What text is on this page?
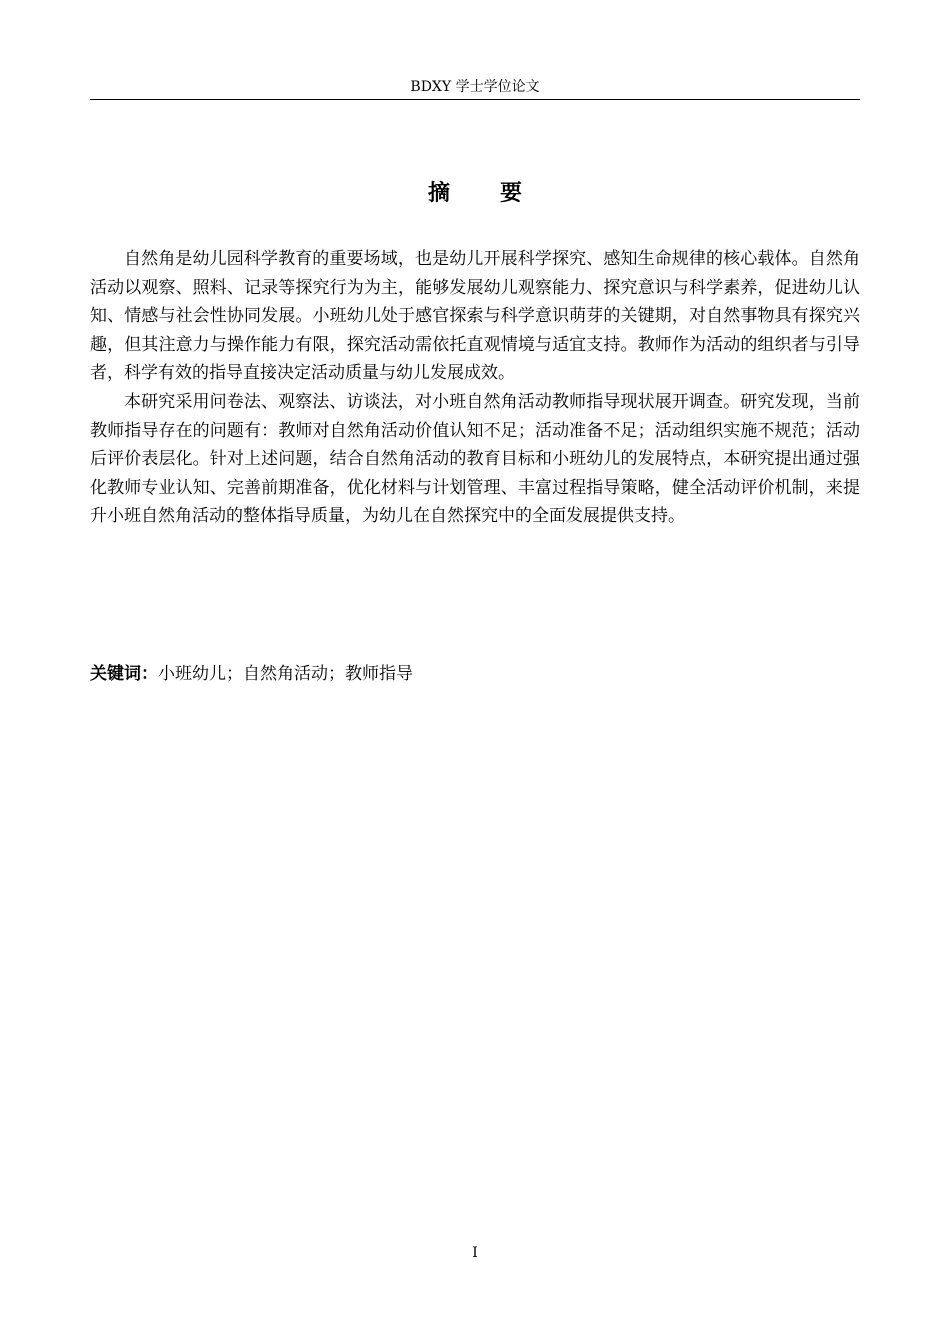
BDXY 学士学位论文
摘 要

自然角是幼儿园科学教育的重要场域，也是幼儿开展科学探究、感知生命规律的核心载体。自然角活动以观察、照料、记录等探究行为为主，能够发展幼儿观察能力、探究意识与科学素养，促进幼儿认知、情感与社会性协同发展。小班幼儿处于感官探索与科学意识萌芽的关键期，对自然事物具有探究兴趣，但其注意力与操作能力有限，探究活动需依托直观情境与适宜支持。教师作为活动的组织者与引导者，科学有效的指导直接决定活动质量与幼儿发展成效。

本研究采用问卷法、观察法、访谈法，对小班自然角活动教师指导现状展开调查。研究发现，当前教师指导存在的问题有：教师对自然角活动价值认知不足；活动准备不足；活动组织实施不规范；活动后评价表层化。针对上述问题，结合自然角活动的教育目标和小班幼儿的发展特点，本研究提出通过强化教师专业认知、完善前期准备，优化材料与计划管理、丰富过程指导策略，健全活动评价机制，来提升小班自然角活动的整体指导质量，为幼儿在自然探究中的全面发展提供支持。

关键词：小班幼儿；自然角活动；教师指导
I
